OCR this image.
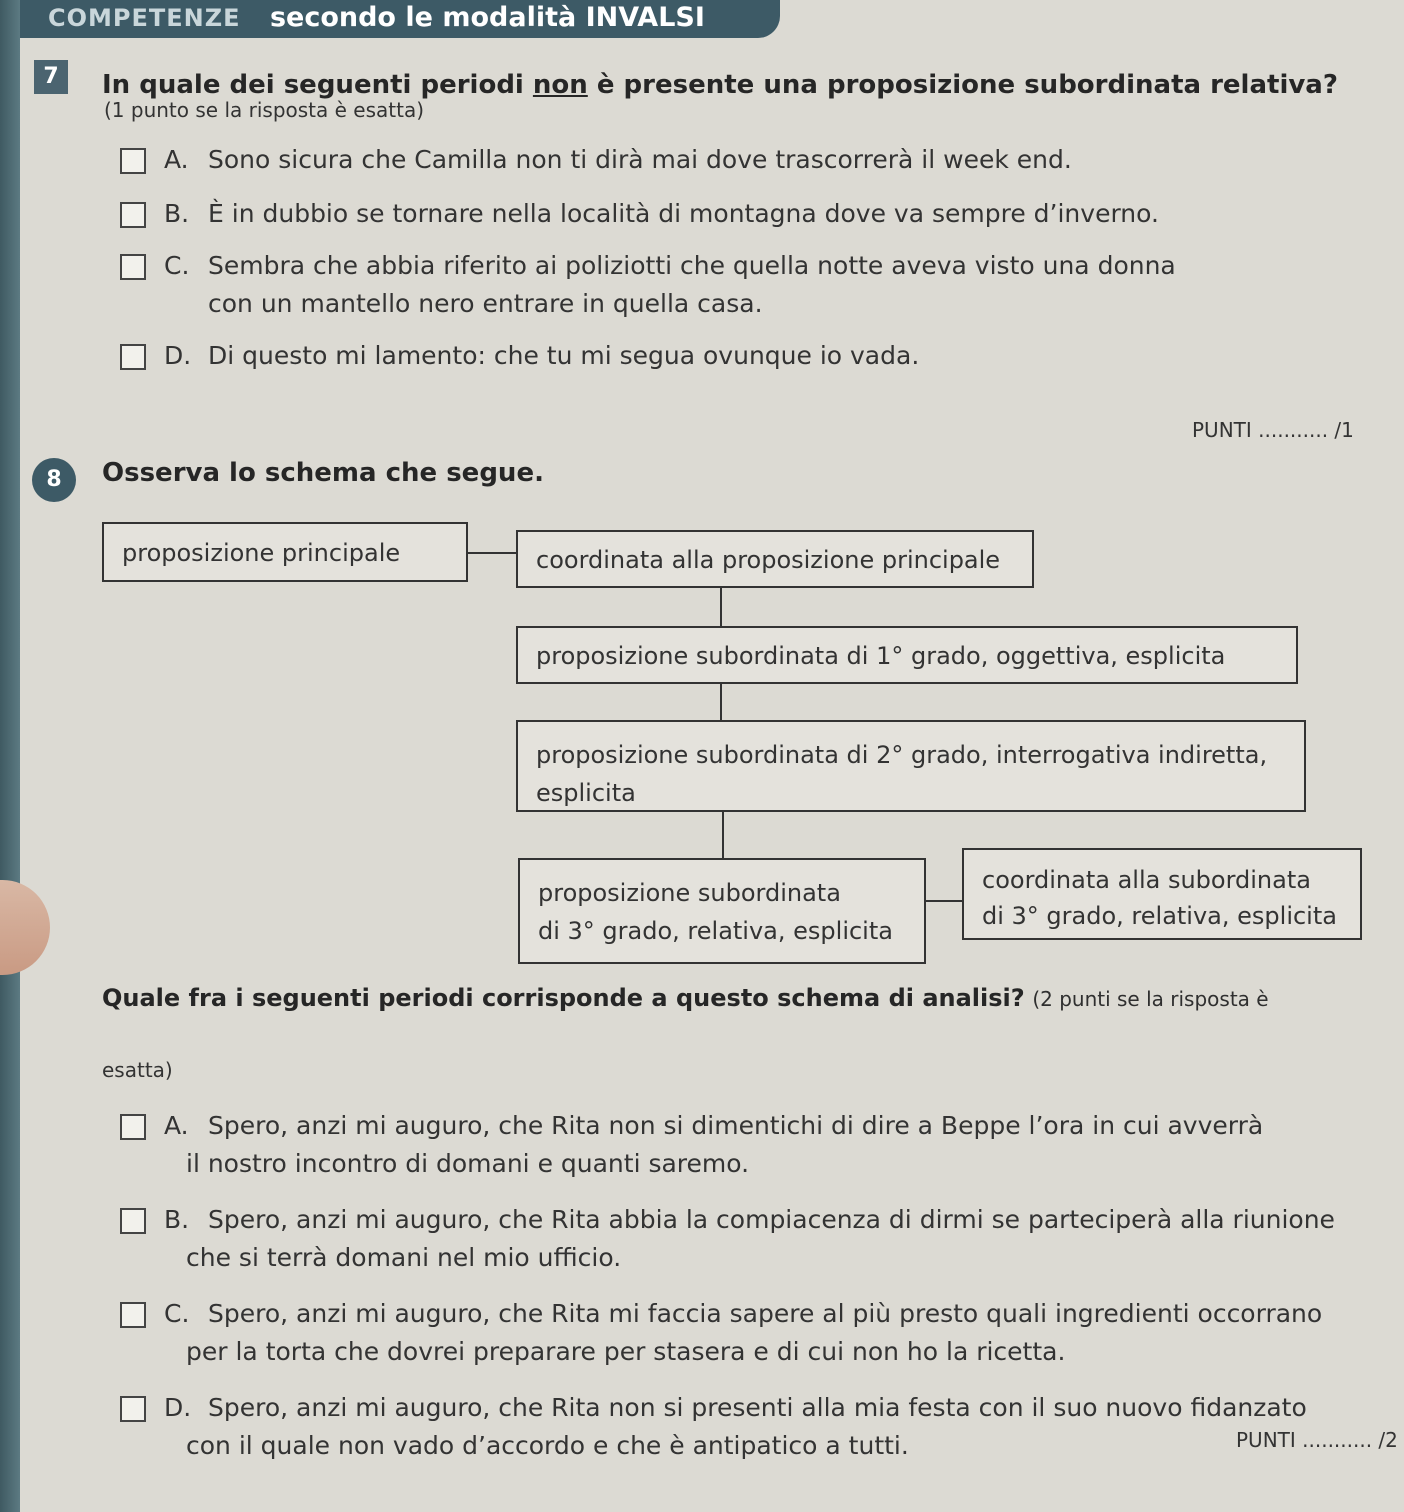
COMPETENZE secondo le modalità INVALSI
7	In quale dei seguenti periodi non è presente una proposizione subordinata relativa?
(1 punto se la risposta è esatta)
A. Sono sicura che Camilla non ti dirà mai dove trascorrerà il week end.
B. È in dubbio se tornare nella località di montagna dove va sempre d’inverno.
C. Sembra che abbia riferito ai poliziotti che quella notte aveva visto una donna
con un mantello nero entrare in quella casa.
D. Di questo mi lamento: che tu mi segua ovunque io vada.
PUNTI ........... /1
8	Osserva lo schema che segue.
proposizione principale	coordinata alla proposizione principale
proposizione subordinata di 1° grado, oggettiva, esplicita
proposizione subordinata di 2° grado, interrogativa indiretta,
esplicita
proposizione subordinata
di 3° grado, relativa, esplicita
coordinata alla subordinata
di 3° grado, relativa, esplicita
Quale fra i seguenti periodi corrisponde a questo schema di analisi? (2 punti se la risposta è
esatta)
A. Spero, anzi mi auguro, che Rita non si dimentichi di dire a Beppe l’ora in cui avverrà
il nostro incontro di domani e quanti saremo.
B. Spero, anzi mi auguro, che Rita abbia la compiacenza di dirmi se parteciperà alla riunione
che si terrà domani nel mio ufficio.
C. Spero, anzi mi auguro, che Rita mi faccia sapere al più presto quali ingredienti occorrano
per la torta che dovrei preparare per stasera e di cui non ho la ricetta.
D. Spero, anzi mi auguro, che Rita non si presenti alla mia festa con il suo nuovo fidanzato
con il quale non vado d’accordo e che è antipatico a tutti.	PUNTI ........... /2
